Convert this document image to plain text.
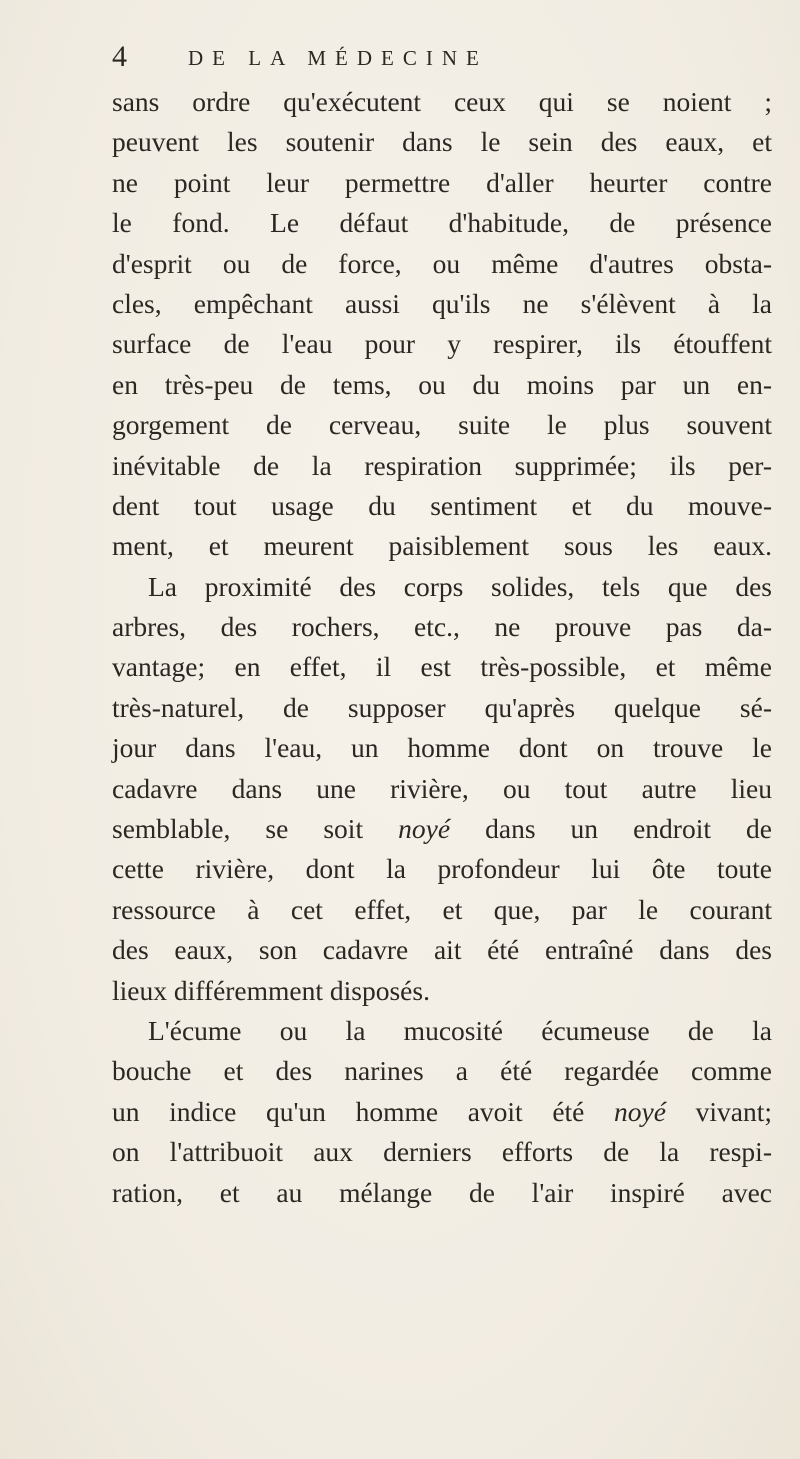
4	DE LA MÉDECINE
sans ordre qu'exécutent ceux qui se noient ;
peuvent les soutenir dans le sein des eaux, et
ne point leur permettre d'aller heurter contre
le fond. Le défaut d'habitude, de présence
d'esprit ou de force, ou même d'autres obsta-
cles, empêchant aussi qu'ils ne s'élèvent à la
surface de l'eau pour y respirer, ils étouffent
en très-peu de tems, ou du moins par un en-
gorgement de cerveau, suite le plus souvent
inévitable de la respiration supprimée; ils per-
dent tout usage du sentiment et du mouve-
ment, et meurent paisiblement sous les eaux.
La proximité des corps solides, tels que des
arbres, des rochers, etc., ne prouve pas da-
vantage; en effet, il est très-possible, et même
très-naturel, de supposer qu'après quelque sé-
jour dans l'eau, un homme dont on trouve le
cadavre dans une rivière, ou tout autre lieu
semblable, se soit noyé dans un endroit de
cette rivière, dont la profondeur lui ôte toute
ressource à cet effet, et que, par le courant
des eaux, son cadavre ait été entraîné dans des
lieux différemment disposés.
L'écume ou la mucosité écumeuse de la
bouche et des narines a été regardée comme
un indice qu'un homme avoit été noyé vivant;
on l'attribuoit aux derniers efforts de la respi-
ration, et au mélange de l'air inspiré avec
